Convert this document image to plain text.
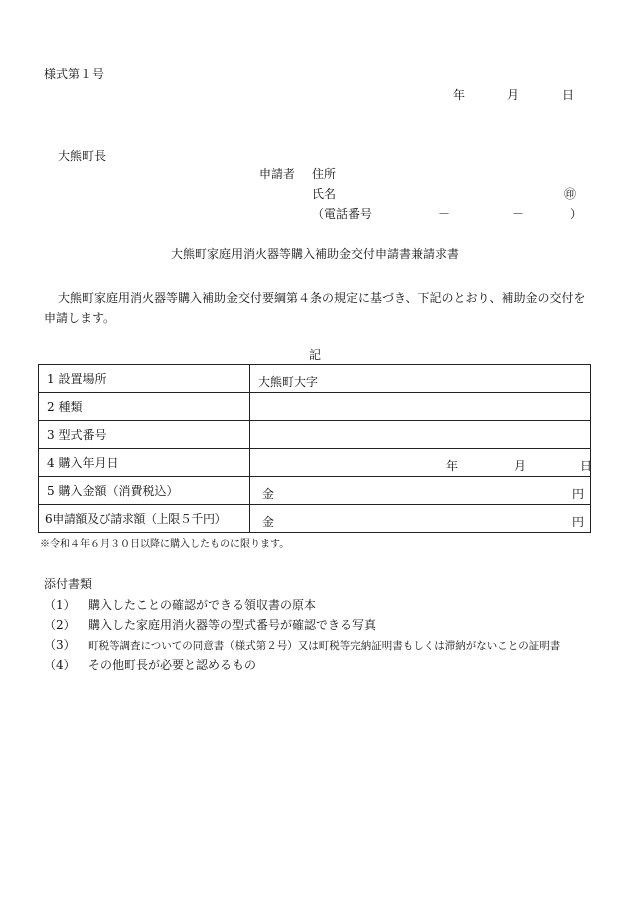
様式第１号
年	月	日
大熊町長
申請者 住所
氏名	㊞
（電話番号	－	－	）
大熊町家庭用消火器等購入補助金交付申請書兼請求書
大熊町家庭用消火器等購入補助金交付要綱第４条の規定に基づき、下記のとおり、補助金の交付を申請します。
記
1 設置場所	大熊町大字

2 種類	

3 型式番号	

4 購入年月日	年 月 日

5 購入金額（消費税込）	金 円

6申請額及び請求額（上限５千円）	金 円
※令和４年６月３０日以降に購入したものに限ります。
添付書類
（1） 購入したことの確認ができる領収書の原本
（2） 購入した家庭用消火器等の型式番号が確認できる写真
（3） 町税等調査についての同意書（様式第２号）又は町税等完納証明書もしくは滞納がないことの証明書
（4） その他町長が必要と認めるもの
